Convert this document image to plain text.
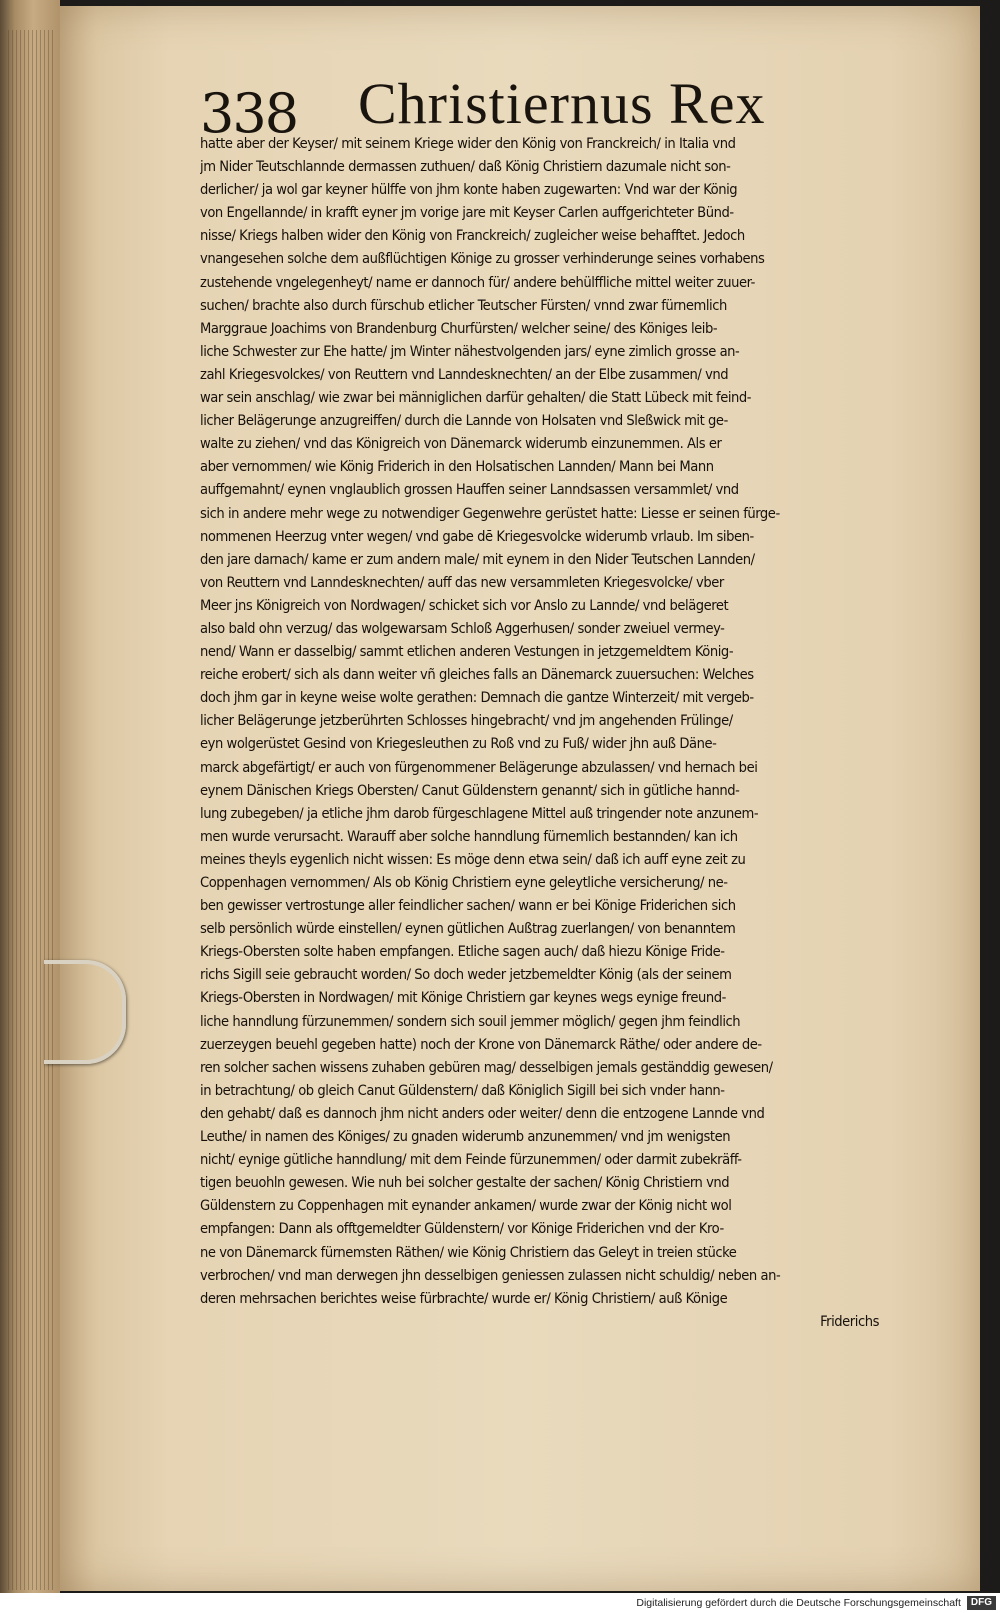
338 Christiernus Rex
hatte aber der Keyser/ mit seinem Kriege wider den König von Franckreich/ in Italia vnd
jm Nider Teutschlannde dermassen zuthuen/ daß König Christiern dazumale nicht son-
derlicher/ ja wol gar keyner hülffe von jhm konte haben zugewarten: Vnd war der König
von Engellannde/ in krafft eyner jm vorige jare mit Keyser Carlen auffgerichteter Bünd-
nisse/ Kriegs halben wider den König von Franckreich/ zugleicher weise behafftet. Jedoch
vnangesehen solche dem außflüchtigen Könige zu grosser verhinderunge seines vorhabens
zustehende vngelegenheyt/ name er dannoch für/ andere behülffliche mittel weiter zuuer-
suchen/ brachte also durch fürschub etlicher Teutscher Fürsten/ vnnd zwar fürnemlich
Marggraue Joachims von Brandenburg Churfürsten/ welcher seine/ des Königes leib-
liche Schwester zur Ehe hatte/ jm Winter nähestvolgenden jars/ eyne zimlich grosse an-
zahl Kriegesvolckes/ von Reuttern vnd Lanndesknechten/ an der Elbe zusammen/ vnd
war sein anschlag/ wie zwar bei männiglichen darfür gehalten/ die Statt Lübeck mit feind-
licher Belägerunge anzugreiffen/ durch die Lannde von Holsaten vnd Sleßwick mit ge-
walte zu ziehen/ vnd das Königreich von Dänemarck widerumb einzunemmen. Als er
aber vernommen/ wie König Friderich in den Holsatischen Lannden/ Mann bei Mann
auffgemahnt/ eynen vnglaublich grossen Hauffen seiner Lanndsassen versammlet/ vnd
sich in andere mehr wege zu notwendiger Gegenwehre gerüstet hatte: Liesse er seinen fürge-
nommenen Heerzug vnter wegen/ vnd gabe dē Kriegesvolcke widerumb vrlaub. Im siben-
den jare darnach/ kame er zum andern male/ mit eynem in den Nider Teutschen Lannden/
von Reuttern vnd Lanndesknechten/ auff das new versammleten Kriegesvolcke/ vber
Meer jns Königreich von Nordwagen/ schicket sich vor Anslo zu Lannde/ vnd belägeret
also bald ohn verzug/ das wolgewarsam Schloß Aggerhusen/ sonder zweiuel vermey-
nend/ Wann er dasselbig/ sammt etlichen anderen Vestungen in jetzgemeldtem König-
reiche erobert/ sich als dann weiter vñ gleiches falls an Dänemarck zuuersuchen: Welches
doch jhm gar in keyne weise wolte gerathen: Demnach die gantze Winterzeit/ mit vergeb-
licher Belägerunge jetzberührten Schlosses hingebracht/ vnd jm angehenden Frülinge/
eyn wolgerüstet Gesind von Kriegesleuthen zu Roß vnd zu Fuß/ wider jhn auß Däne-
marck abgefärtigt/ er auch von fürgenommener Belägerunge abzulassen/ vnd hernach bei
eynem Dänischen Kriegs Obersten/ Canut Güldenstern genannt/ sich in gütliche hannd-
lung zubegeben/ ja etliche jhm darob fürgeschlagene Mittel auß tringender note anzunem-
men wurde verursacht. Warauff aber solche hanndlung fürnemlich bestannden/ kan ich
meines theyls eygenlich nicht wissen: Es möge denn etwa sein/ daß ich auff eyne zeit zu
Coppenhagen vernommen/ Als ob König Christiern eyne geleytliche versicherung/ ne-
ben gewisser vertrostunge aller feindlicher sachen/ wann er bei Könige Friderichen sich
selb persönlich würde einstellen/ eynen gütlichen Außtrag zuerlangen/ von benanntem
Kriegs-Obersten solte haben empfangen. Etliche sagen auch/ daß hiezu Könige Fride-
richs Sigill seie gebraucht worden/ So doch weder jetzbemeldter König (als der seinem
Kriegs-Obersten in Nordwagen/ mit Könige Christiern gar keynes wegs eynige freund-
liche hanndlung fürzunemmen/ sondern sich souil jemmer möglich/ gegen jhm feindlich
zuerzeygen beuehl gegeben hatte) noch der Krone von Dänemarck Räthe/ oder andere de-
ren solcher sachen wissens zuhaben gebüren mag/ desselbigen jemals geständdig gewesen/
in betrachtung/ ob gleich Canut Güldenstern/ daß Königlich Sigill bei sich vnder hann-
den gehabt/ daß es dannoch jhm nicht anders oder weiter/ denn die entzogene Lannde vnd
Leuthe/ in namen des Königes/ zu gnaden widerumb anzunemmen/ vnd jm wenigsten
nicht/ eynige gütliche hanndlung/ mit dem Feinde fürzunemmen/ oder darmit zubekräff-
tigen beuohln gewesen. Wie nuh bei solcher gestalte der sachen/ König Christiern vnd
Güldenstern zu Coppenhagen mit eynander ankamen/ wurde zwar der König nicht wol
empfangen: Dann als offtgemeldter Güldenstern/ vor Könige Friderichen vnd der Kro-
ne von Dänemarck fürnemsten Räthen/ wie König Christiern das Geleyt in treien stücke
verbrochen/ vnd man derwegen jhn desselbigen geniessen zulassen nicht schuldig/ neben an-
deren mehrsachen berichtes weise fürbrachte/ wurde er/ König Christiern/ auß Könige
Friderichs
Digitalisierung gefördert durch die Deutsche Forschungsgemeinschaft DFG
